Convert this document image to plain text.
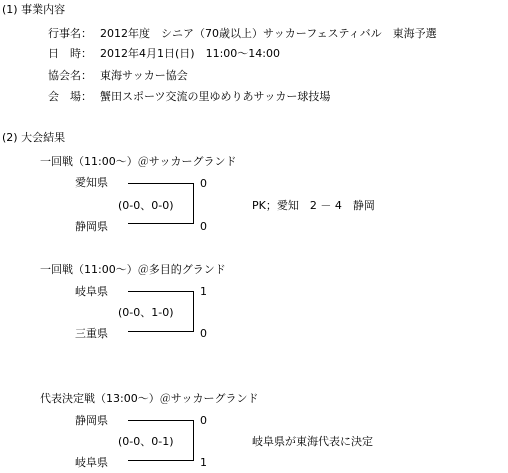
(1) 事業内容
行事名： 2012年度　シニア（70歳以上）サッカーフェスティバル　東海予選
日　時： 2012年4月1日(日)　11:00～14:00
協会名： 東海サッカー協会
会　場： 蟹田スポーツ交流の里ゆめりあサッカー球技場
(2) 大会結果
一回戦（11:00～）＠サッカーグランド
愛知県	0
(0-0、0-0)	PK；愛知　2 － 4　静岡
静岡県	0
一回戦（11:00～）＠多目的グランド
岐阜県	1
(0-0、1-0)
三重県	0
代表決定戦（13:00～）＠サッカーグランド
静岡県	0
(0-0、0-1)	岐阜県が東海代表に決定
岐阜県	1
